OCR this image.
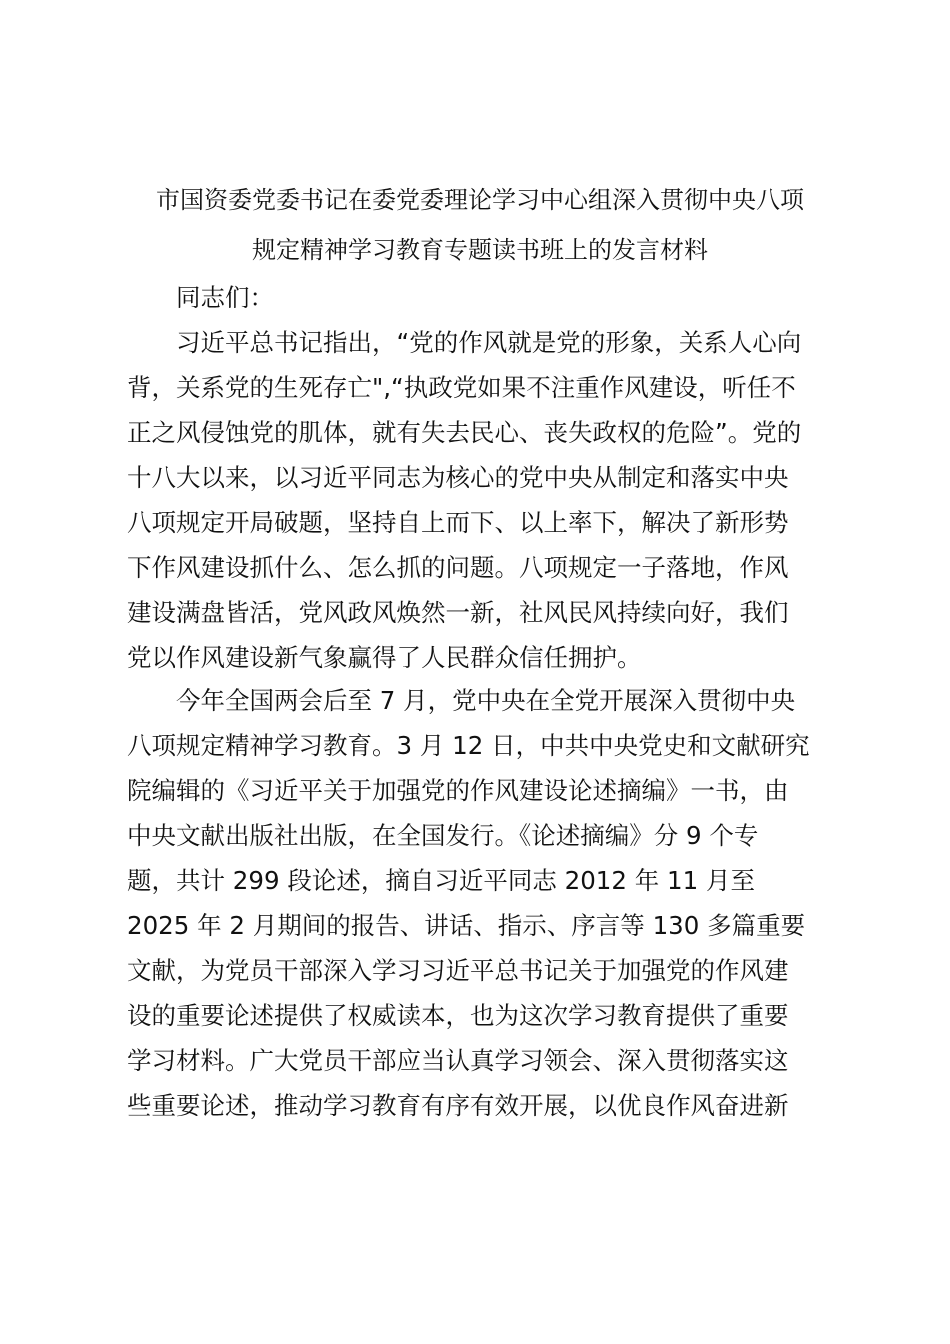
市国资委党委书记在委党委理论学习中心组深入贯彻中央八项
规定精神学习教育专题读书班上的发言材料

同志们：

习近平总书记指出，“党的作风就是党的形象，关系人心向

背，关系党的生死存亡",“执政党如果不注重作风建设，听任不

正之风侵蚀党的肌体，就有失去民心、丧失政权的危险”。党的

十八大以来，以习近平同志为核心的党中央从制定和落实中央

八项规定开局破题，坚持自上而下、以上率下，解决了新形势

下作风建设抓什么、怎么抓的问题。八项规定一子落地，作风

建设满盘皆活，党风政风焕然一新，社风民风持续向好，我们

党以作风建设新气象赢得了人民群众信任拥护。

今年全国两会后至 7 月，党中央在全党开展深入贯彻中央

八项规定精神学习教育。3 月 12 日，中共中央党史和文献研究

院编辑的《习近平关于加强党的作风建设论述摘编》一书，由

中央文献出版社出版，在全国发行。《论述摘编》分 9 个专

题，共计 299 段论述，摘自习近平同志 2012 年 11 月至

2025 年 2 月期间的报告、讲话、指示、序言等 130 多篇重要

文献，为党员干部深入学习习近平总书记关于加强党的作风建

设的重要论述提供了权威读本，也为这次学习教育提供了重要

学习材料。广大党员干部应当认真学习领会、深入贯彻落实这

些重要论述，推动学习教育有序有效开展，以优良作风奋进新
